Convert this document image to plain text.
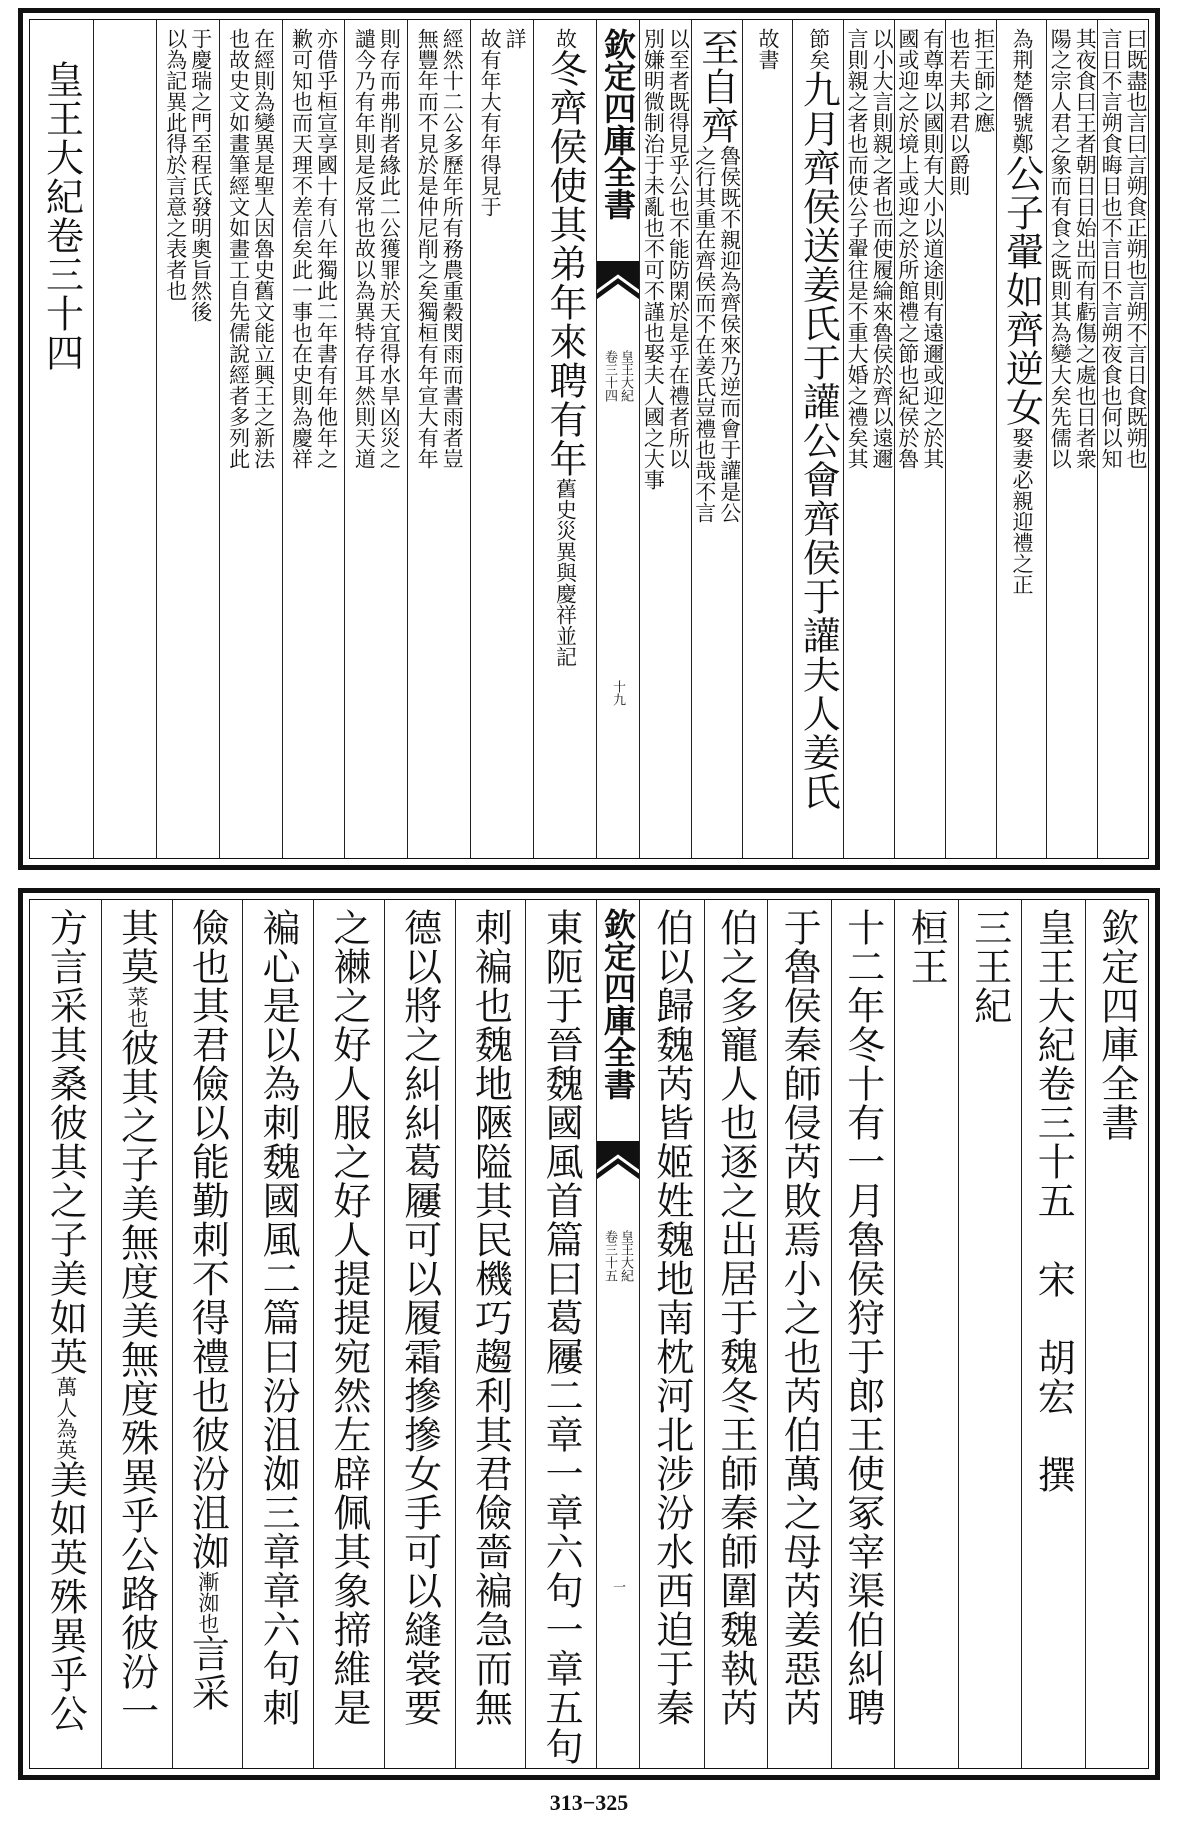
曰既盡也言曰言朔食正朔也言朔不言日食既朔也
言日不言朔食晦日也不言日不言朔夜食也何以知
其夜食曰王者朝日日始出而有虧傷之處也日者衆
陽之宗人君之象而有食之既則其為變大矣先儒以
為荆楚僭號鄭
公子翬如齊逆女
娶妻必親迎禮之正
拒王師之應
也若夫邦君以爵則
有尊卑以國則有大小以道途則有遠邇或迎之於其
國或迎之於境上或迎之於所館禮之節也紀侯於魯
以小大言則親之者也而使履綸來魯侯於齊以遠邇
言則親之者也而使公子翬往是不重大婚之禮矣其
節矣
九月齊侯送姜氏于讙公會齊侯于讙夫人姜氏
故書
至自齊
魯侯既不親迎為齊侯來乃逆而會于讙是公
之行其重在齊侯而不在姜氏豈禮也哉不言
以至者既得見乎公也不能防閑於是乎在禮者所以
別嫌明微制治于未亂也不可不謹也娶夫人國之大事
欽定四庫全書
皇王大紀
卷三十四
十九
故
冬齊侯使其弟年來聘有年
舊史災異與慶祥並記
詳
故有年大有年得見于
經然十二公多歷年所有務農重穀閔雨而書雨者豈
無豐年而不見於是仲尼削之矣獨桓有年宣大有年
則存而弗削者緣此二公獲罪於天宜得水旱凶災之
譴今乃有年則是反常也故以為異特存耳然則天道
亦借乎桓宣享國十有八年獨此二年書有年他年之
歉可知也而天理不差信矣此一事也在史則為慶祥
在經則為變異是聖人因魯史舊文能立興王之新法
也故史文如畫筆經文如畫工自先儒說經者多列此
于慶瑞之門至程氏發明奧旨然後
以為記異此得於言意之表者也
皇王大紀卷三十四
欽定四庫全書
皇王大紀卷三十五
宋　胡宏　撰
三王紀
桓王
十二年冬十有一月魯侯狩于郎王使冢宰渠伯糾聘
于魯侯秦師侵芮敗焉小之也芮伯萬之母芮姜惡芮
伯之多寵人也逐之出居于魏冬王師秦師圍魏執芮
伯以歸魏芮皆姬姓魏地南枕河北涉汾水西迫于秦
欽定四庫全書
皇王大紀
卷三十五
一
東阨于晉魏國風首篇曰葛屨二章一章六句一章五句
刺褊也魏地陿隘其民機巧趨利其君儉嗇褊急而無
德以將之糾糾葛屨可以履霜摻摻女手可以縫裳要
之襋之好人服之好人提提宛然左辟佩其象揥維是
褊心是以為刺魏國風二篇曰汾沮洳三章章六句刺
儉也其君儉以能勤刺不得禮也彼汾沮洳
漸洳也
言采
其莫
菜也
彼其之子美無度美無度殊異乎公路彼汾一
方言采其桑彼其之子美如英
萬人為英
美如英殊異乎公
313−325
